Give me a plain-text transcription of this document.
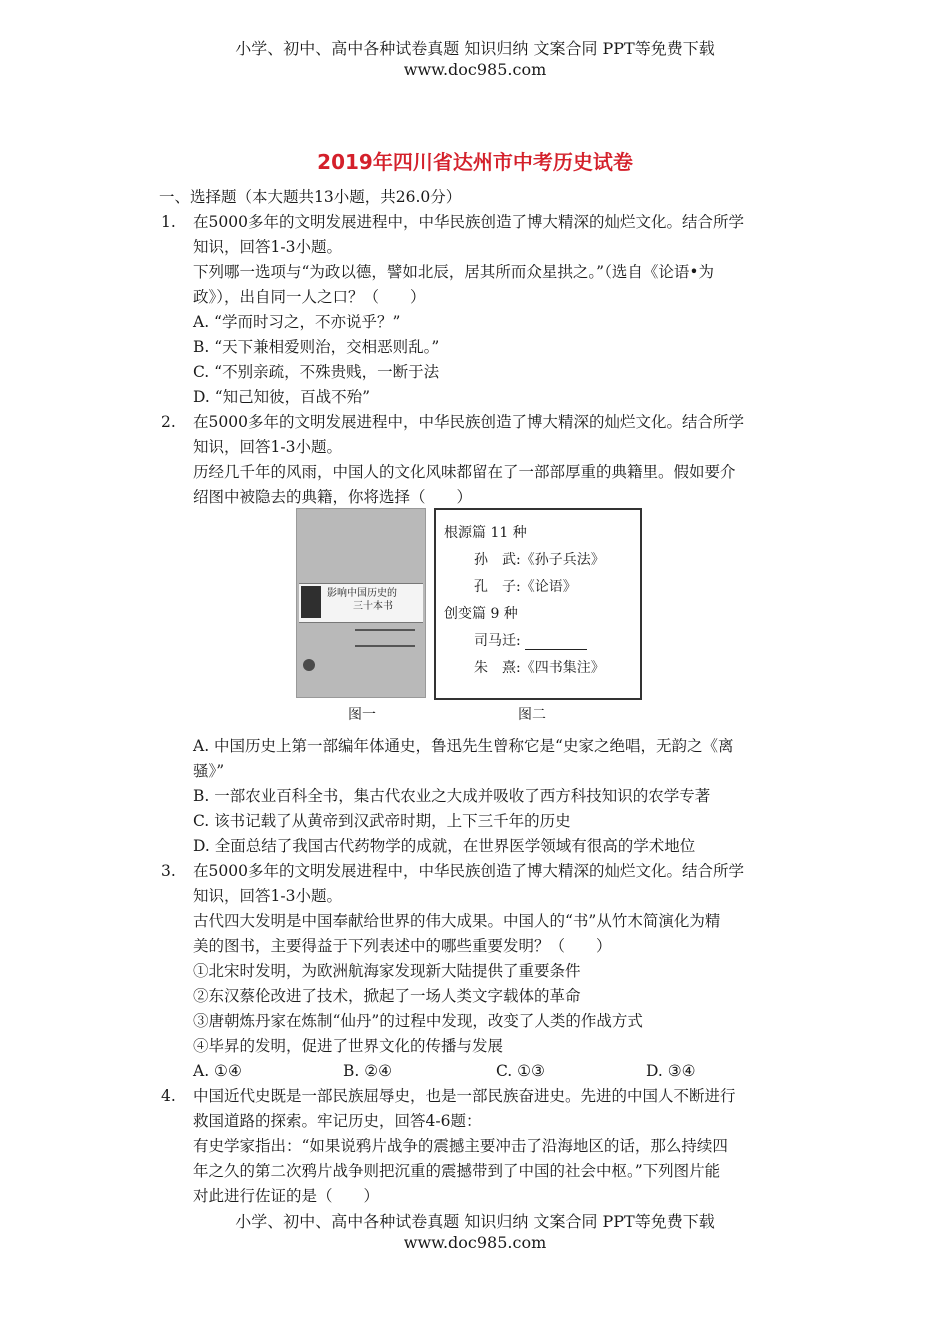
小学、初中、高中各种试卷真题 知识归纳 文案合同 PPT等免费下载
www.doc985.com
2019年四川省达州市中考历史试卷
一、选择题（本大题共13小题，共26.0分）
1. 在5000多年的文明发展进程中，中华民族创造了博大精深的灿烂文化。结合所学
知识，回答1-3小题。
下列哪一选项与“为政以德，譬如北辰，居其所而众星拱之。”（选自《论语•为
政》），出自同一人之口？（　　）
A. “学而时习之，不亦说乎？”
B. “天下兼相爱则治，交相恶则乱。”
C. “不别亲疏，不殊贵贱，一断于法
D. “知己知彼，百战不殆”
2. 在5000多年的文明发展进程中，中华民族创造了博大精深的灿烂文化。结合所学
知识，回答1-3小题。
历经几千年的风雨，中国人的文化风味都留在了一部部厚重的典籍里。假如要介
绍图中被隐去的典籍，你将选择（　　）
影响中国历史的
三十本书
根源篇 11 种
孙　武:《孙子兵法》
孔　子:《论语》
创变篇 9 种
司马迁:
朱　熹:《四书集注》
图一	图二
A. 中国历史上第一部编年体通史，鲁迅先生曾称它是“史家之绝唱，无韵之《离
骚》”
B. 一部农业百科全书，集古代农业之大成并吸收了西方科技知识的农学专著
C. 该书记载了从黄帝到汉武帝时期，上下三千年的历史
D. 全面总结了我国古代药物学的成就，在世界医学领域有很高的学术地位
3. 在5000多年的文明发展进程中，中华民族创造了博大精深的灿烂文化。结合所学
知识，回答1-3小题。
古代四大发明是中国奉献给世界的伟大成果。中国人的“书”从竹木简演化为精
美的图书，主要得益于下列表述中的哪些重要发明？（　　）
①北宋时发明，为欧洲航海家发现新大陆提供了重要条件
②东汉蔡伦改进了技术，掀起了一场人类文字载体的革命
③唐朝炼丹家在炼制“仙丹”的过程中发现，改变了人类的作战方式
④毕昇的发明，促进了世界文化的传播与发展
A. ①④	B. ②④	C. ①③	D. ③④
4. 中国近代史既是一部民族屈辱史，也是一部民族奋进史。先进的中国人不断进行
救国道路的探索。牢记历史，回答4-6题：
有史学家指出：“如果说鸦片战争的震撼主要冲击了沿海地区的话，那么持续四
年之久的第二次鸦片战争则把沉重的震撼带到了中国的社会中枢。”下列图片能
对此进行佐证的是（　　）
小学、初中、高中各种试卷真题 知识归纳 文案合同 PPT等免费下载
www.doc985.com
